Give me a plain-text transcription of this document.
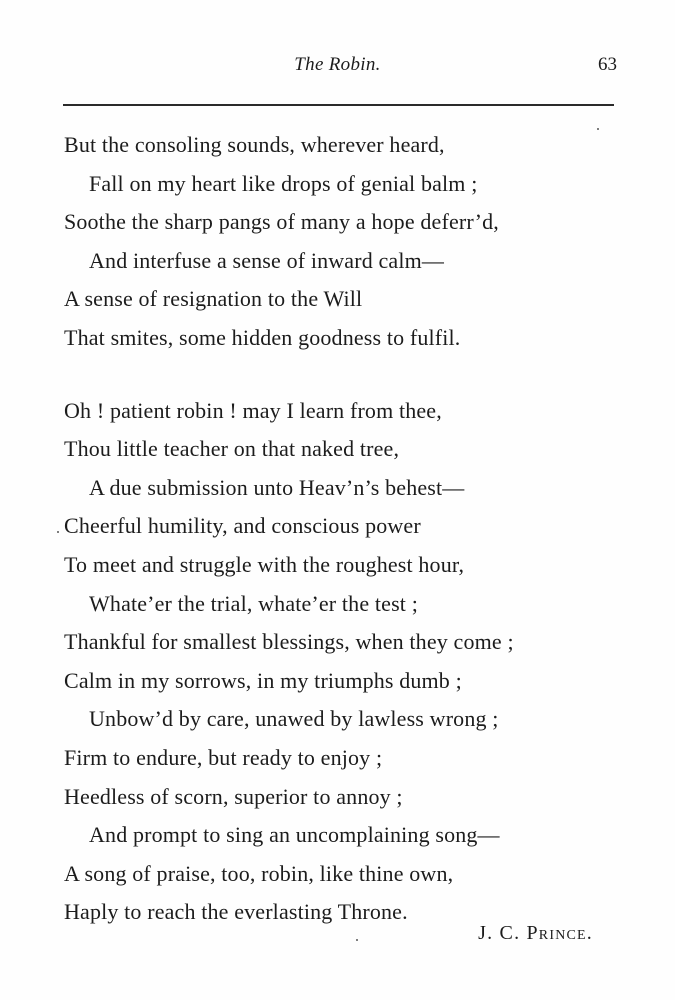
The Robin.	63
But the consoling sounds, wherever heard,
Fall on my heart like drops of genial balm ;
Soothe the sharp pangs of many a hope deferr’d,
And interfuse a sense of inward calm—
A sense of resignation to the Will
That smites, some hidden goodness to fulfil.
Oh ! patient robin ! may I learn from thee,
Thou little teacher on that naked tree,
A due submission unto Heav’n’s behest—
Cheerful humility, and conscious power
To meet and struggle with the roughest hour,
Whate’er the trial, whate’er the test ;
Thankful for smallest blessings, when they come ;
Calm in my sorrows, in my triumphs dumb ;
Unbow’d by care, unawed by lawless wrong ;
Firm to endure, but ready to enjoy ;
Heedless of scorn, superior to annoy ;
And prompt to sing an uncomplaining song—
A song of praise, too, robin, like thine own,
Haply to reach the everlasting Throne.
J. C. Prince.
